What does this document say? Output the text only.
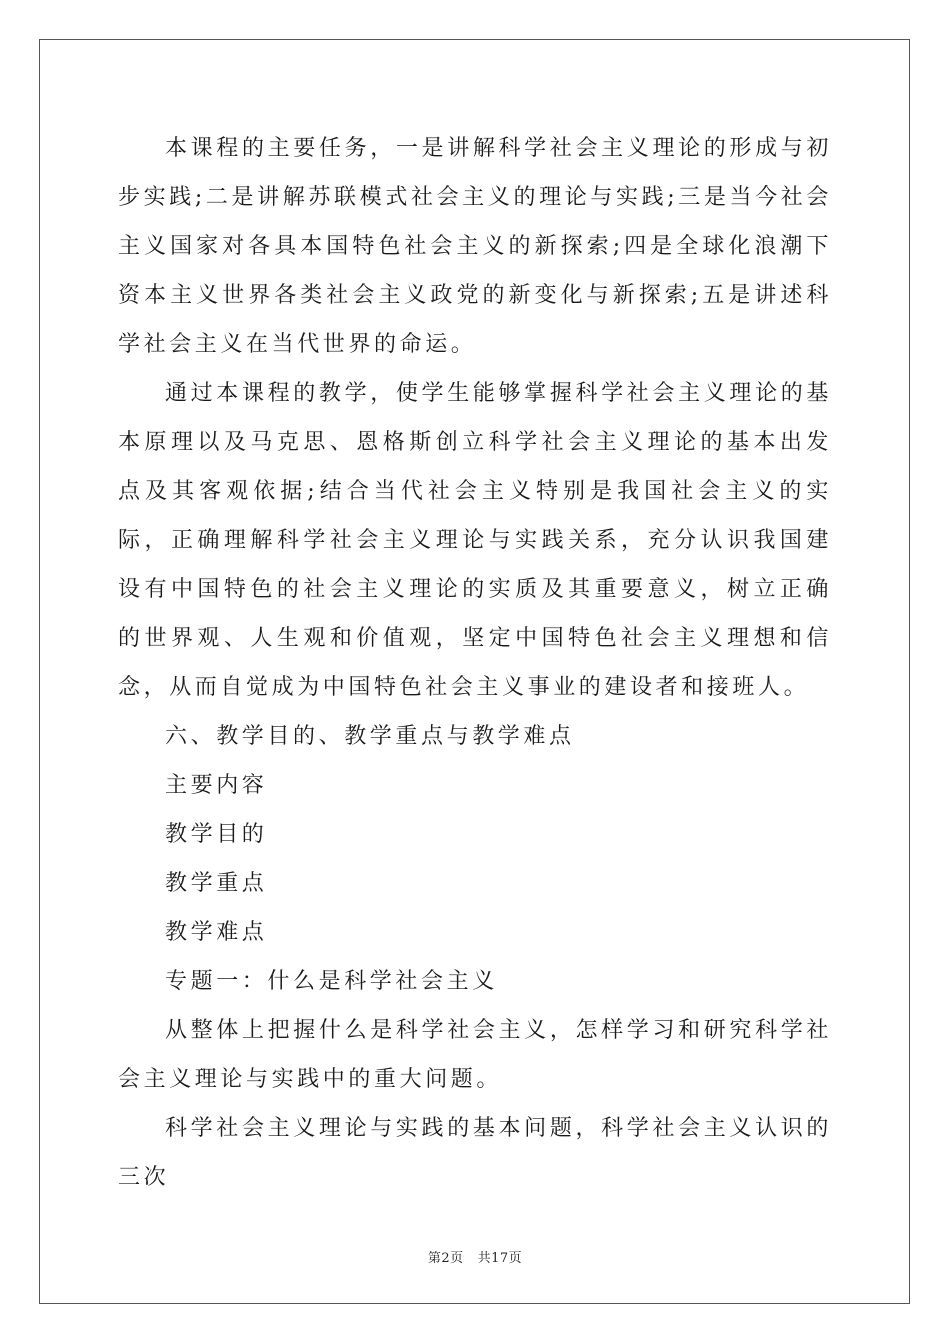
本课程的主要任务，一是讲解科学社会主义理论的形成与初步实践;二是讲解苏联模式社会主义的理论与实践;三是当今社会主义国家对各具本国特色社会主义的新探索;四是全球化浪潮下资本主义世界各类社会主义政党的新变化与新探索;五是讲述科学社会主义在当代世界的命运。

通过本课程的教学，使学生能够掌握科学社会主义理论的基本原理以及马克思、恩格斯创立科学社会主义理论的基本出发点及其客观依据;结合当代社会主义特别是我国社会主义的实际，正确理解科学社会主义理论与实践关系，充分认识我国建设有中国特色的社会主义理论的实质及其重要意义，树立正确的世界观、人生观和价值观，坚定中国特色社会主义理想和信念，从而自觉成为中国特色社会主义事业的建设者和接班人。

六、教学目的、教学重点与教学难点

主要内容

教学目的

教学重点

教学难点

专题一：什么是科学社会主义

从整体上把握什么是科学社会主义，怎样学习和研究科学社会主义理论与实践中的重大问题。

科学社会主义理论与实践的基本问题，科学社会主义认识的三次

第2页 共17页
